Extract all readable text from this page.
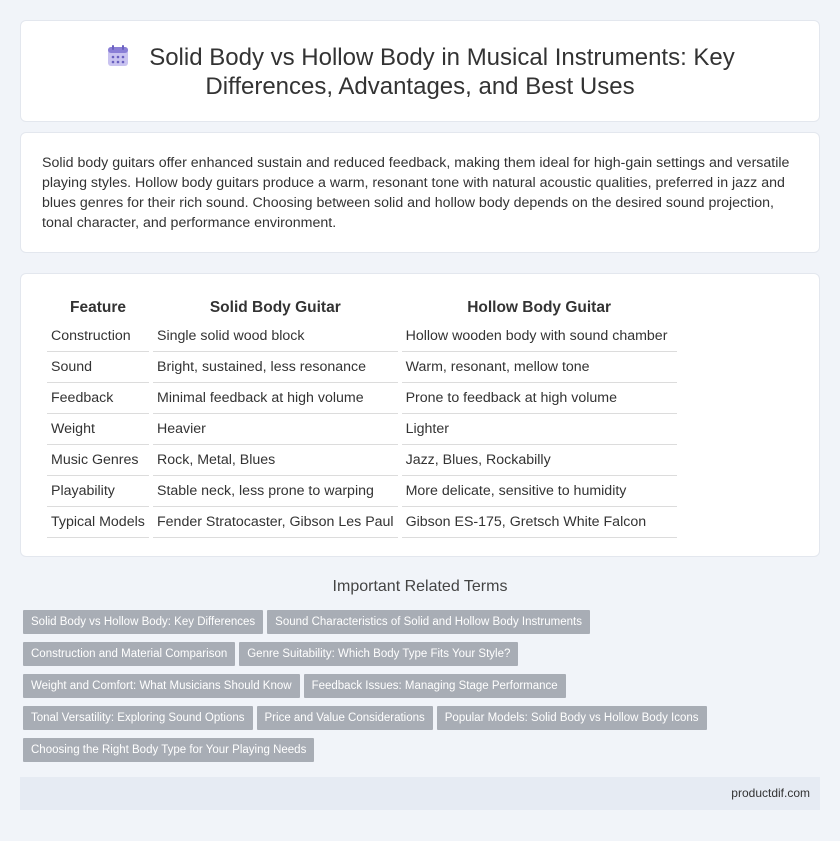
Solid Body vs Hollow Body in Musical Instruments: Key Differences, Advantages, and Best Uses

Solid body guitars offer enhanced sustain and reduced feedback, making them ideal for high-gain settings and versatile playing styles. Hollow body guitars produce a warm, resonant tone with natural acoustic qualities, preferred in jazz and blues genres for their rich sound. Choosing between solid and hollow body depends on the desired sound projection, tonal character, and performance environment.

Feature	Solid Body Guitar	Hollow Body Guitar
Construction	Single solid wood block	Hollow wooden body with sound chamber
Sound	Bright, sustained, less resonance	Warm, resonant, mellow tone
Feedback	Minimal feedback at high volume	Prone to feedback at high volume
Weight	Heavier	Lighter
Music Genres	Rock, Metal, Blues	Jazz, Blues, Rockabilly
Playability	Stable neck, less prone to warping	More delicate, sensitive to humidity
Typical Models	Fender Stratocaster, Gibson Les Paul	Gibson ES-175, Gretsch White Falcon
Important Related Terms
Solid Body vs Hollow Body: Key Differences Sound Characteristics of Solid and Hollow Body Instruments
Construction and Material Comparison Genre Suitability: Which Body Type Fits Your Style?
Weight and Comfort: What Musicians Should Know Feedback Issues: Managing Stage Performance
Tonal Versatility: Exploring Sound Options Price and Value Considerations Popular Models: Solid Body vs Hollow Body Icons
Choosing the Right Body Type for Your Playing Needs
productdif.com
